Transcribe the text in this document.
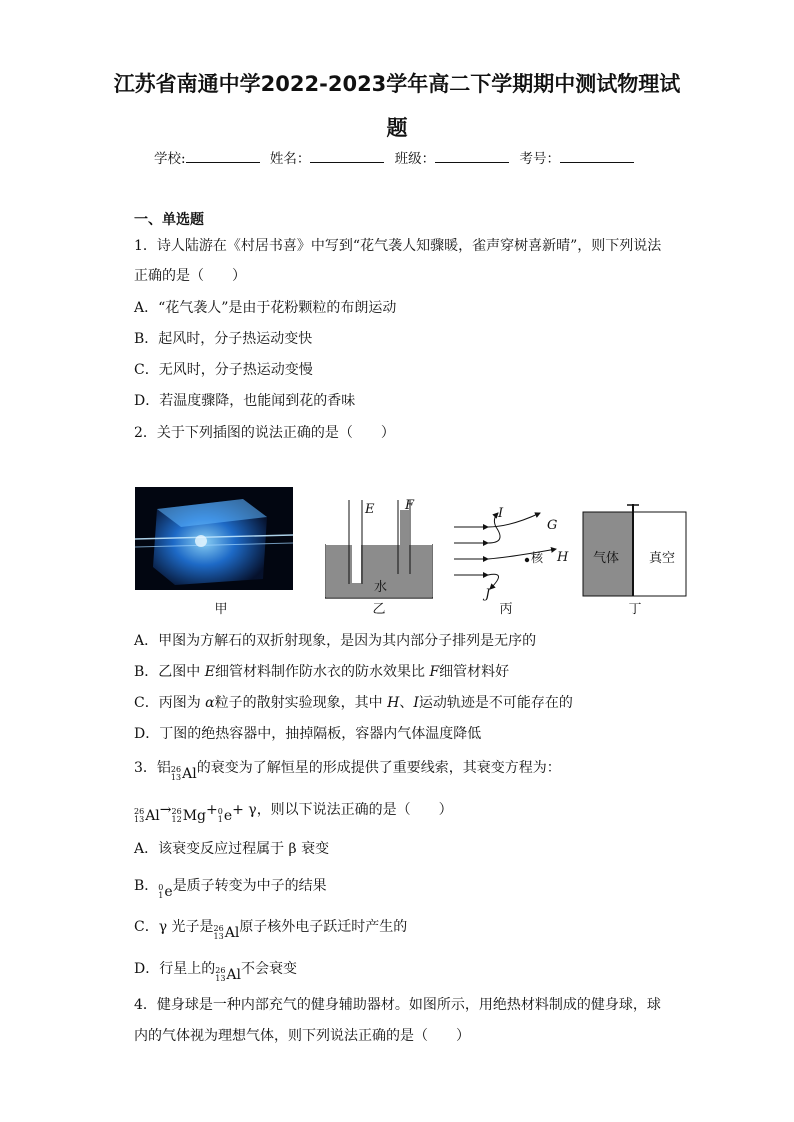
江苏省南通中学2022-2023学年高二下学期期中测试物理试
题
学校:	姓名：	班级：	考号：
一、单选题
1．诗人陆游在《村居书喜》中写到“花气袭人知骤暖，雀声穿树喜新晴”，则下列说法
正确的是（　　）
A．“花气袭人”是由于花粉颗粒的布朗运动
B．起风时，分子热运动变快
C．无风时，分子热运动变慢
D．若温度骤降，也能闻到花的香味
2．关于下列插图的说法正确的是（　　）
E F
水
I
G
H
J
核	气体 真空
甲	乙	丙	丁
A．甲图为方解石的双折射现象，是因为其内部分子排列是无序的
B．乙图中 E细管材料制作防水衣的防水效果比 F细管材料好
C．丙图为 α粒子的散射实验现象，其中 H、I运动轨迹是不可能存在的
D．丁图的绝热容器中，抽掉隔板，容器内气体温度降低
3．铝 26
13 Al 的衰变为了解恒星的形成提供了重要线索，其衰变方程为：
26
13 Al → 26
12 Mg + 0
1 e + γ，则以下说法正确的是（　　）
A．该衰变反应过程属于 β 衰变
B． 0
1 e 是质子转变为中子的结果
C．γ 光子是 26
13 Al 原子核外电子跃迁时产生的
D．行星上的 26
13 Al 不会衰变
4．健身球是一种内部充气的健身辅助器材。如图所示，用绝热材料制成的健身球，球
内的气体视为理想气体，则下列说法正确的是（　　）
